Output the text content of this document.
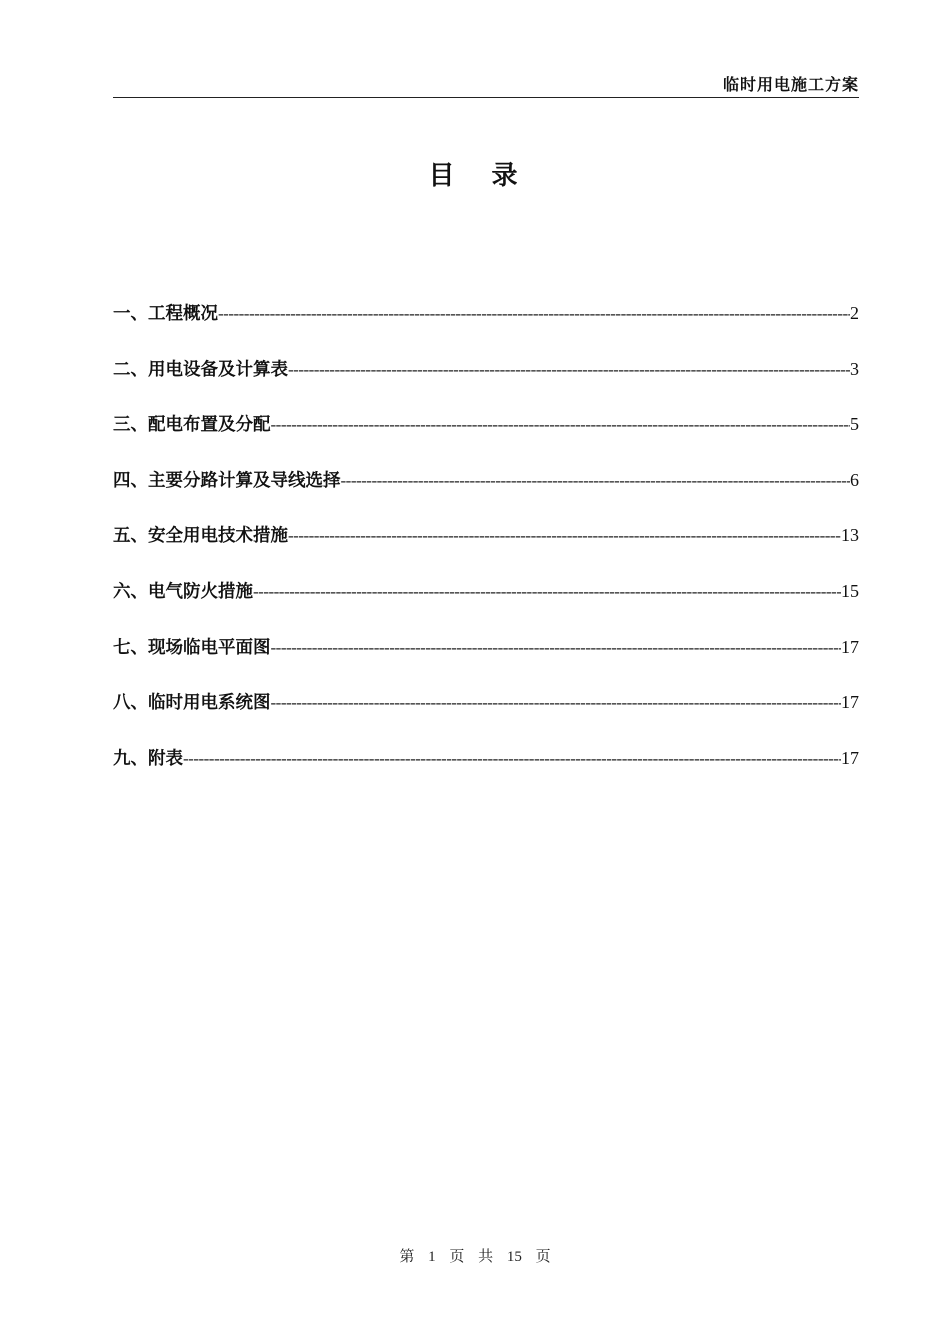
临时用电施工方案
目 录
一、工程概况 -----	2
二、用电设备及计算表 -----	3
三、配电布置及分配 -----	5
四、主要分路计算及导线选择 -----	6
五、安全用电技术措施 -----	13
六、电气防火措施 -----	15
七、现场临电平面图 -----	17
八、临时用电系统图 -----	17
九、附表 -----	17
第 1 页 共 15 页
